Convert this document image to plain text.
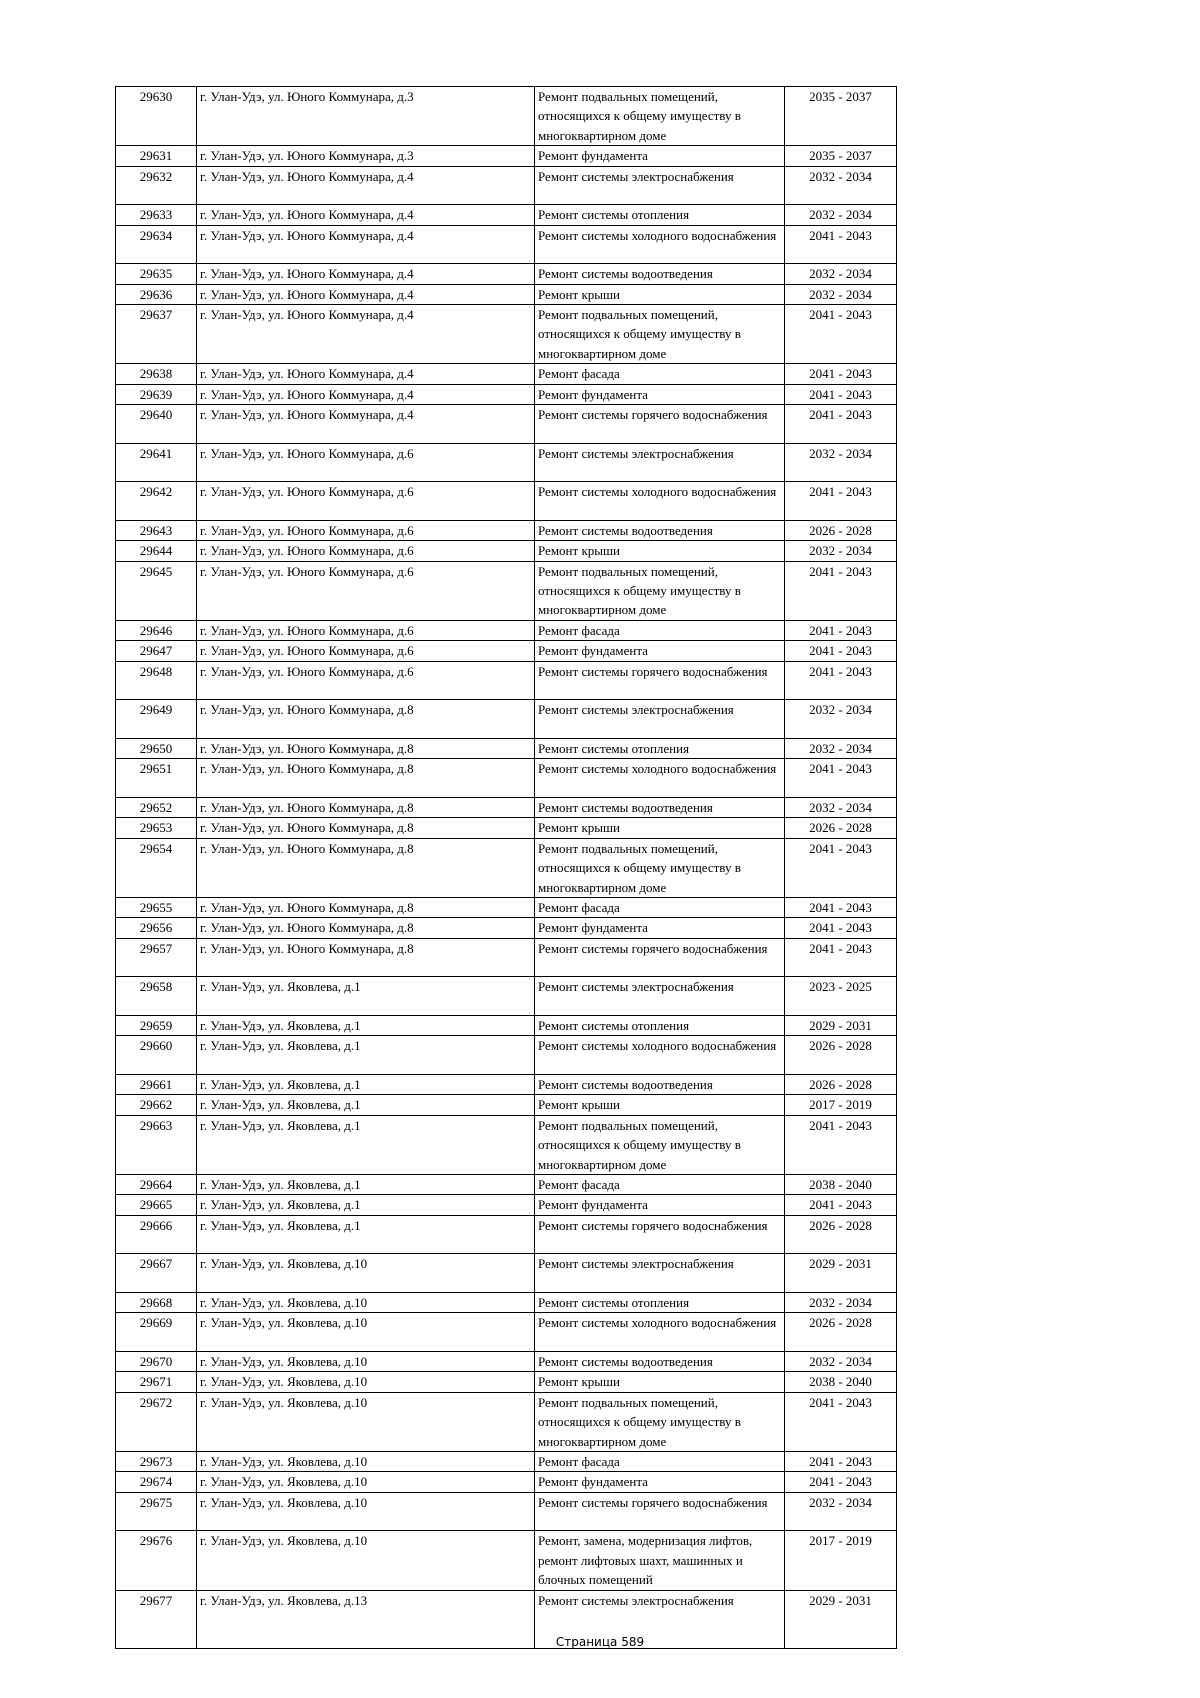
29630	г. Улан-Удэ, ул. Юного Коммунара, д.3	Ремонт подвальных помещений, относящихся к общему имуществу в многоквартирном доме	2035 - 2037
29631	г. Улан-Удэ, ул. Юного Коммунара, д.3	Ремонт фундамента	2035 - 2037
29632	г. Улан-Удэ, ул. Юного Коммунара, д.4	Ремонт системы электроснабжения	2032 - 2034
29633	г. Улан-Удэ, ул. Юного Коммунара, д.4	Ремонт системы отопления	2032 - 2034
29634	г. Улан-Удэ, ул. Юного Коммунара, д.4	Ремонт системы холодного водоснабжения	2041 - 2043
29635	г. Улан-Удэ, ул. Юного Коммунара, д.4	Ремонт системы водоотведения	2032 - 2034
29636	г. Улан-Удэ, ул. Юного Коммунара, д.4	Ремонт крыши	2032 - 2034
29637	г. Улан-Удэ, ул. Юного Коммунара, д.4	Ремонт подвальных помещений, относящихся к общему имуществу в многоквартирном доме	2041 - 2043
29638	г. Улан-Удэ, ул. Юного Коммунара, д.4	Ремонт фасада	2041 - 2043
29639	г. Улан-Удэ, ул. Юного Коммунара, д.4	Ремонт фундамента	2041 - 2043
29640	г. Улан-Удэ, ул. Юного Коммунара, д.4	Ремонт системы горячего водоснабжения	2041 - 2043
29641	г. Улан-Удэ, ул. Юного Коммунара, д.6	Ремонт системы электроснабжения	2032 - 2034
29642	г. Улан-Удэ, ул. Юного Коммунара, д.6	Ремонт системы холодного водоснабжения	2041 - 2043
29643	г. Улан-Удэ, ул. Юного Коммунара, д.6	Ремонт системы водоотведения	2026 - 2028
29644	г. Улан-Удэ, ул. Юного Коммунара, д.6	Ремонт крыши	2032 - 2034
29645	г. Улан-Удэ, ул. Юного Коммунара, д.6	Ремонт подвальных помещений, относящихся к общему имуществу в многоквартирном доме	2041 - 2043
29646	г. Улан-Удэ, ул. Юного Коммунара, д.6	Ремонт фасада	2041 - 2043
29647	г. Улан-Удэ, ул. Юного Коммунара, д.6	Ремонт фундамента	2041 - 2043
29648	г. Улан-Удэ, ул. Юного Коммунара, д.6	Ремонт системы горячего водоснабжения	2041 - 2043
29649	г. Улан-Удэ, ул. Юного Коммунара, д.8	Ремонт системы электроснабжения	2032 - 2034
29650	г. Улан-Удэ, ул. Юного Коммунара, д.8	Ремонт системы отопления	2032 - 2034
29651	г. Улан-Удэ, ул. Юного Коммунара, д.8	Ремонт системы холодного водоснабжения	2041 - 2043
29652	г. Улан-Удэ, ул. Юного Коммунара, д.8	Ремонт системы водоотведения	2032 - 2034
29653	г. Улан-Удэ, ул. Юного Коммунара, д.8	Ремонт крыши	2026 - 2028
29654	г. Улан-Удэ, ул. Юного Коммунара, д.8	Ремонт подвальных помещений, относящихся к общему имуществу в многоквартирном доме	2041 - 2043
29655	г. Улан-Удэ, ул. Юного Коммунара, д.8	Ремонт фасада	2041 - 2043
29656	г. Улан-Удэ, ул. Юного Коммунара, д.8	Ремонт фундамента	2041 - 2043
29657	г. Улан-Удэ, ул. Юного Коммунара, д.8	Ремонт системы горячего водоснабжения	2041 - 2043
29658	г. Улан-Удэ, ул. Яковлева, д.1	Ремонт системы электроснабжения	2023 - 2025
29659	г. Улан-Удэ, ул. Яковлева, д.1	Ремонт системы отопления	2029 - 2031
29660	г. Улан-Удэ, ул. Яковлева, д.1	Ремонт системы холодного водоснабжения	2026 - 2028
29661	г. Улан-Удэ, ул. Яковлева, д.1	Ремонт системы водоотведения	2026 - 2028
29662	г. Улан-Удэ, ул. Яковлева, д.1	Ремонт крыши	2017 - 2019
29663	г. Улан-Удэ, ул. Яковлева, д.1	Ремонт подвальных помещений, относящихся к общему имуществу в многоквартирном доме	2041 - 2043
29664	г. Улан-Удэ, ул. Яковлева, д.1	Ремонт фасада	2038 - 2040
29665	г. Улан-Удэ, ул. Яковлева, д.1	Ремонт фундамента	2041 - 2043
29666	г. Улан-Удэ, ул. Яковлева, д.1	Ремонт системы горячего водоснабжения	2026 - 2028
29667	г. Улан-Удэ, ул. Яковлева, д.10	Ремонт системы электроснабжения	2029 - 2031
29668	г. Улан-Удэ, ул. Яковлева, д.10	Ремонт системы отопления	2032 - 2034
29669	г. Улан-Удэ, ул. Яковлева, д.10	Ремонт системы холодного водоснабжения	2026 - 2028
29670	г. Улан-Удэ, ул. Яковлева, д.10	Ремонт системы водоотведения	2032 - 2034
29671	г. Улан-Удэ, ул. Яковлева, д.10	Ремонт крыши	2038 - 2040
29672	г. Улан-Удэ, ул. Яковлева, д.10	Ремонт подвальных помещений, относящихся к общему имуществу в многоквартирном доме	2041 - 2043
29673	г. Улан-Удэ, ул. Яковлева, д.10	Ремонт фасада	2041 - 2043
29674	г. Улан-Удэ, ул. Яковлева, д.10	Ремонт фундамента	2041 - 2043
29675	г. Улан-Удэ, ул. Яковлева, д.10	Ремонт системы горячего водоснабжения	2032 - 2034
29676	г. Улан-Удэ, ул. Яковлева, д.10	Ремонт, замена, модернизация лифтов, ремонт лифтовых шахт, машинных и блочных помещений	2017 - 2019
29677	г. Улан-Удэ, ул. Яковлева, д.13	Ремонт системы электроснабжения	2029 - 2031
Страница 589
